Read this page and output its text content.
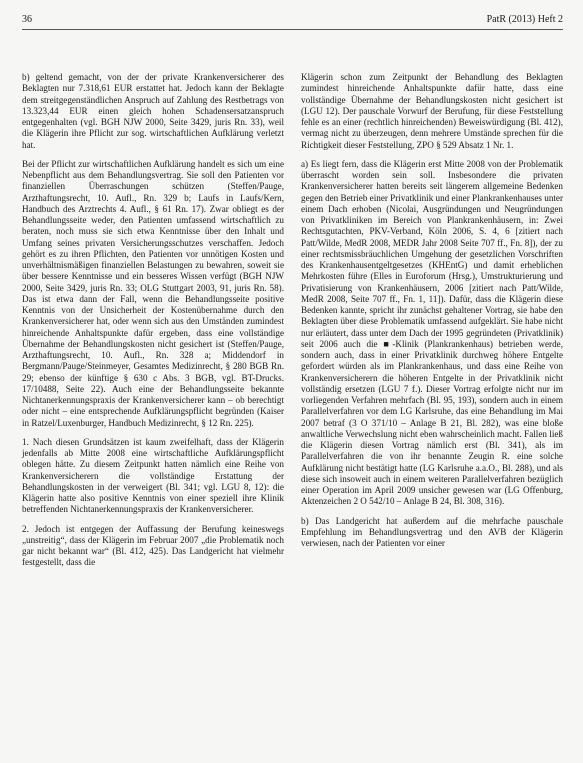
36	PatR (2013) Heft 2

b) geltend gemacht, von der der private Krankenversicherer des Beklagten nur 7.318,61 EUR erstattet hat. Jedoch kann der Beklagte dem streitgegenständlichen Anspruch auf Zahlung des Restbetrags von 13.323,44 EUR einen gleich hohen Schadensersatzanspruch entgegenhalten (vgl. BGH NJW 2000, Seite 3429, juris Rn. 33), weil die Klägerin ihre Pflicht zur sog. wirtschaftlichen Aufklärung verletzt hat.

Bei der Pflicht zur wirtschaftlichen Aufklärung handelt es sich um eine Nebenpflicht aus dem Behandlungsvertrag. Sie soll den Patienten vor finanziellen Überraschungen schützen (Steffen/Pauge, Arzthaftungsrecht, 10. Aufl., Rn. 329 b; Laufs in Laufs/Kern, Handbuch des Arztrechts 4. Aufl., § 61 Rn. 17). Zwar obliegt es der Behandlungsseite weder, den Patienten umfassend wirtschaftlich zu beraten, noch muss sie sich etwa Kenntnisse über den Inhalt und Umfang seines privaten Versicherungsschutzes verschaffen. Jedoch gehört es zu ihren Pflichten, den Patienten vor unnötigen Kosten und unverhältnismäßigen finanziellen Belastungen zu bewahren, soweit sie über bessere Kenntnisse und ein besseres Wissen verfügt (BGH NJW 2000, Seite 3429, juris Rn. 33; OLG Stuttgart 2003, 91, juris Rn. 58). Das ist etwa dann der Fall, wenn die Behandlungsseite positive Kenntnis von der Unsicherheit der Kostenübernahme durch den Krankenversicherer hat, oder wenn sich aus den Umständen zumindest hinreichende Anhaltspunkte dafür ergeben, dass eine vollständige Übernahme der Behandlungskosten nicht gesichert ist (Steffen/Pauge, Arzthaftungsrecht, 10. Aufl., Rn. 328 a; Middendorf in Bergmann/Pauge/Steinmeyer, Gesamtes Medizinrecht, § 280 BGB Rn. 29; ebenso der künftige § 630 c Abs. 3 BGB, vgl. BT-Drucks. 17/10488, Seite 22). Auch eine der Behandlungsseite bekannte Nichtanerkennungspraxis der Krankenversicherer kann – ob berechtigt oder nicht – eine entsprechende Aufklärungspflicht begründen (Kaiser in Ratzel/Luxenburger, Handbuch Medizinrecht, § 12 Rn. 225).

1. Nach diesen Grundsätzen ist kaum zweifelhaft, dass der Klägerin jedenfalls ab Mitte 2008 eine wirtschaftliche Aufklärungspflicht oblegen hätte. Zu diesem Zeitpunkt hatten nämlich eine Reihe von Krankenversicherern die vollständige Erstattung der Behandlungskosten in der verweigert (Bl. 341; vgl. LGU 8, 12): die Klägerin hatte also positive Kenntnis von einer speziell ihre Klinik betreffenden Nichtanerkennungspraxis der Krankenversicherer.

2. Jedoch ist entgegen der Auffassung der Berufung keineswegs „unstreitig“, dass der Klägerin im Februar 2007 „die Problematik noch gar nicht bekannt war“ (Bl. 412, 425). Das Landgericht hat vielmehr festgestellt, dass die

Klägerin schon zum Zeitpunkt der Behandlung des Beklagten zumindest hinreichende Anhaltspunkte dafür hatte, dass eine vollständige Übernahme der Behandlungskosten nicht gesichert ist (LGU 12). Der pauschale Vorwurf der Berufung, für diese Feststellung fehle es an einer (rechtlich hinreichenden) Beweiswürdigung (Bl. 412), vermag nicht zu überzeugen, denn mehrere Umstände sprechen für die Richtigkeit dieser Feststellung, ZPO § 529 Absatz 1 Nr. 1.

a) Es liegt fern, dass die Klägerin erst Mitte 2008 von der Problematik überrascht worden sein soll. Insbesondere die privaten Krankenversicherer hatten bereits seit längerem allgemeine Bedenken gegen den Betrieb einer Privatklinik und einer Plankrankenhauses unter einem Dach erhoben (Nicolai, Ausgründungen und Neugründungen von Privatkliniken im Bereich von Plankrankenhäusern, in: Zwei Rechtsgutachten, PKV-Verband, Köln 2006, S. 4, 6 [zitiert nach Patt/Wilde, MedR 2008, MEDR Jahr 2008 Seite 707 ff., Fn. 8]), der zu einer rechtsmissbräuchlichen Umgehung der gesetzlichen Vorschriften des Krankenhausentgeltgesetzes (KHEntG) und damit erheblichen Mehrkosten führe (Elles in Euroforum (Hrsg.), Umstrukturierung und Privatisierung von Krankenhäusern, 2006 [zitiert nach Patt/Wilde, MedR 2008, Seite 707 ff., Fn. 1, 11]). Dafür, dass die Klägerin diese Bedenken kannte, spricht ihr zunächst gehaltener Vortrag, sie habe den Beklagten über diese Problematik umfassend aufgeklärt. Sie habe nicht nur erläutert, dass unter dem Dach der 1995 gegründeten (Privatklinik) seit 2006 auch die ■-Klinik (Plankrankenhaus) betrieben werde, sondern auch, dass in einer Privatklinik durchweg höhere Entgelte gefordert würden als im Plankrankenhaus, und dass eine Reihe von Krankenversicherern die höheren Entgelte in der Privatklinik nicht vollständig ersetzen (LGU 7 f.). Dieser Vortrag erfolgte nicht nur im vorliegenden Verfahren mehrfach (Bl. 95, 193), sondern auch in einem Parallelverfahren vor dem LG Karlsruhe, das eine Behandlung im Mai 2007 betraf (3 O 371/10 – Anlage B 21, Bl. 282), was eine bloße anwaltliche Verwechslung nicht eben wahrscheinlich macht. Fallen ließ die Klägerin diesen Vortrag nämlich erst (Bl. 341), als im Parallelverfahren die von ihr benannte Zeugin R. eine solche Aufklärung nicht bestätigt hatte (LG Karlsruhe a.a.O., Bl. 288), und als diese sich insoweit auch in einem weiteren Parallelverfahren bezüglich einer Operation im April 2009 unsicher gewesen war (LG Offenburg, Aktenzeichen 2 O 542/10 – Anlage B 24, Bl. 308, 316).

b) Das Landgericht hat außerdem auf die mehrfache pauschale Empfehlung im Behandlungsvertrag und den AVB der Klägerin verwiesen, nach der Patienten vor einer
